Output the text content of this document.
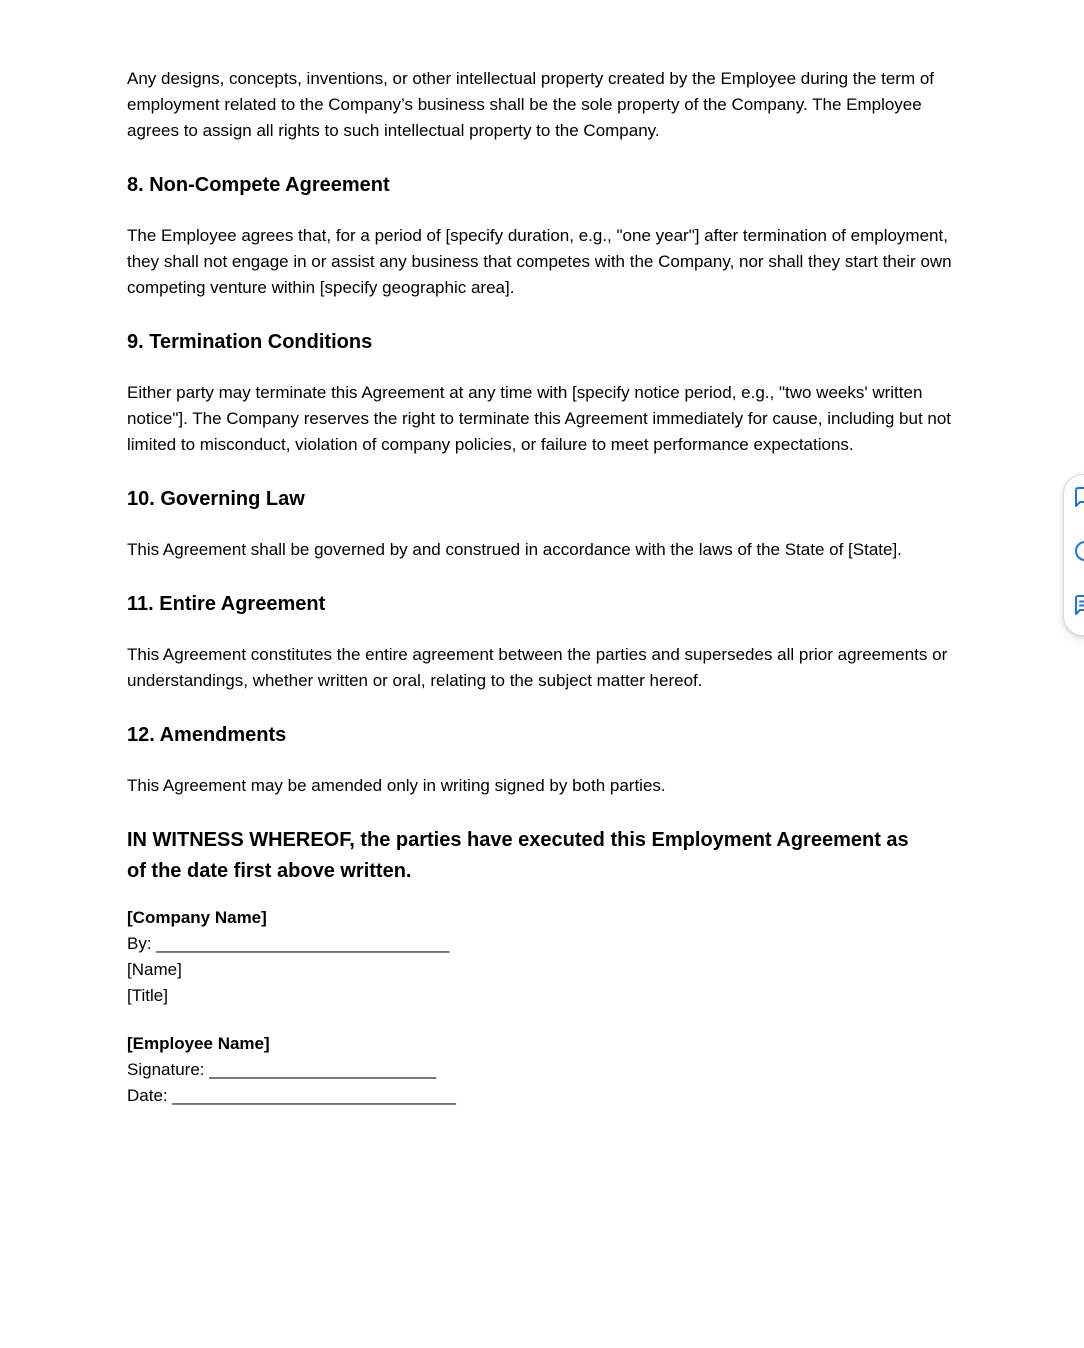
Any designs, concepts, inventions, or other intellectual property created by the Employee during the term of employment related to the Company’s business shall be the sole property of the Company. The Employee agrees to assign all rights to such intellectual property to the Company.

8. Non-Compete Agreement

The Employee agrees that, for a period of [specify duration, e.g., "one year"] after termination of employment, they shall not engage in or assist any business that competes with the Company, nor shall they start their own competing venture within [specify geographic area].

9. Termination Conditions

Either party may terminate this Agreement at any time with [specify notice period, e.g., "two weeks' written notice"]. The Company reserves the right to terminate this Agreement immediately for cause, including but not limited to misconduct, violation of company policies, or failure to meet performance expectations.

10. Governing Law

This Agreement shall be governed by and construed in accordance with the laws of the State of [State].

11. Entire Agreement

This Agreement constitutes the entire agreement between the parties and supersedes all prior agreements or understandings, whether written or oral, relating to the subject matter hereof.

12. Amendments

This Agreement may be amended only in writing signed by both parties.

IN WITNESS WHEREOF, the parties have executed this Employment Agreement as of the date first above written.

[Company Name]

By: _______________________________

[Name]

[Title]

[Employee Name]

Signature: ________________________

Date: ______________________________
